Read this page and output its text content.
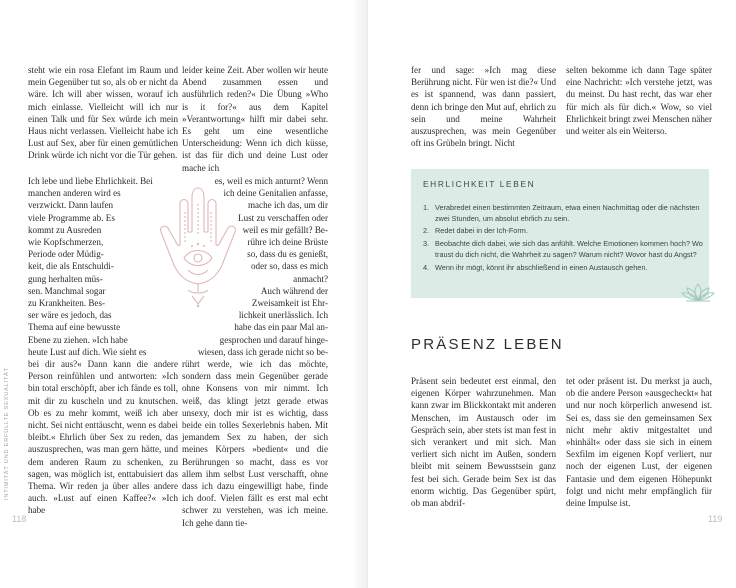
INTIMITÄT UND ERFÜLLTE SEXUALITÄT

steht wie ein rosa Elefant im Raum und mein Gegenüber tut so, als ob er nicht da wäre. Ich will aber wissen, worauf ich mich einlasse. Vielleicht will ich nur einen Talk und für Sex würde ich mein Haus nicht verlassen. Vielleicht habe ich Lust auf Sex, aber für einen gemütlichen Drink würde ich nicht vor die Tür gehen.

Ich lebe und liebe Ehrlichkeit. Bei
manchen anderen wird es
verzwickt. Dann laufen
viele Programme ab. Es
kommt zu Ausreden
wie Kopfschmerzen,
Periode oder Müdig-
keit, die als Entschuldi-
gung herhalten müs-
sen. Manchmal sogar
zu Krankheiten. Bes-
ser wäre es jedoch, das
Thema auf eine bewusste
Ebene zu ziehen. »Ich habe
heute Lust auf dich. Wie sieht es

bei dir aus?« Dann kann die andere Person reinfühlen und antworten: »Ich bin total erschöpft, aber ich fände es toll, mit dir zu kuscheln und zu knutschen. Ob es zu mehr kommt, weiß ich aber nicht. Sei nicht enttäuscht, wenn es dabei bleibt.« Ehrlich über Sex zu reden, das auszusprechen, was man gern hätte, und dem anderen Raum zu schenken, zu sagen, was möglich ist, enttabuisiert das Thema. Wir reden ja über alles andere auch. »Lust auf einen Kaffee?« »Ich habe

leider keine Zeit. Aber wollen wir heute Abend zusammen essen und ausführlich reden?« Die Übung »Who is it for?« aus dem Kapitel »Verantwortung« hilft mir dabei sehr. Es geht um eine wesentliche Unterscheidung: Wenn ich dich küsse, ist das für dich und deine Lust oder mache ich

es, weil es mich anturnt? Wenn
ich deine Genitalien anfasse,
mache ich das, um dir
Lust zu verschaffen oder
weil es mir gefällt? Be-
rühre ich deine Brüste
so, dass du es genießt,
oder so, dass es mich
anmacht?
Auch während der
Zweisamkeit ist Ehr-
lichkeit unerlässlich. Ich
habe das ein paar Mal an-
gesprochen und darauf hinge-
wiesen, dass ich gerade nicht so be-

rührt werde, wie ich das möchte, sondern dass mein Gegenüber gerade ohne Konsens von mir nimmt. Ich weiß, das klingt jetzt gerade etwas unsexy, doch mir ist es wichtig, dass beide ein tolles Sexerlebnis haben. Mit jemandem Sex zu haben, der sich meines Körpers »bedient« und die Berührungen so macht, dass es vor allem ihm selbst Lust verschafft, ohne dass ich dazu eingewilligt habe, finde ich doof. Vielen fällt es erst mal echt schwer zu verstehen, was ich meine. Ich gehe dann tie-

118

fer und sage: »Ich mag diese Berührung nicht. Für wen ist die?« Und es ist spannend, was dann passiert, denn ich bringe den Mut auf, ehrlich zu sein und meine Wahrheit auszusprechen, was mein Gegenüber oft ins Grübeln bringt. Nicht

selten bekomme ich dann Tage später eine Nachricht: »Ich verstehe jetzt, was du meinst. Du hast recht, das war eher für mich als für dich.« Wow, so viel Ehrlichkeit bringt zwei Menschen näher und weiter als ein Weiterso.

EHRLICHKEIT LEBEN
1. Verabredet einen bestimmten Zeitraum, etwa einen Nachmittag oder die nächsten zwei Stunden, um absolut ehrlich zu sein.
2. Redet dabei in der Ich-Form.
3. Beobachte dich dabei, wie sich das anfühlt. Welche Emotionen kommen hoch? Wo traust du dich nicht, die Wahrheit zu sagen? Warum nicht? Wovor hast du Angst?
4. Wenn ihr mögt, könnt ihr abschließend in einen Austausch gehen.
PRÄSENZ LEBEN

Präsent sein bedeutet erst einmal, den eigenen Körper wahrzunehmen. Man kann zwar im Blickkontakt mit anderen Menschen, im Austausch oder im Gespräch sein, aber stets ist man fest in sich verankert und mit sich. Man verliert sich nicht im Außen, sondern bleibt mit seinem Bewusstsein ganz fest bei sich. Gerade beim Sex ist das enorm wichtig. Das Gegenüber spürt, ob man abdrif-

tet oder präsent ist. Du merkst ja auch, ob die andere Person »ausgecheckt« hat und nur noch körperlich anwesend ist. Sei es, dass sie den gemeinsamen Sex nicht mehr aktiv mitgestaltet und »hinhält« oder dass sie sich in einem Sexfilm im eigenen Kopf verliert, nur noch der eigenen Lust, der eigenen Fantasie und dem eigenen Höhepunkt folgt und nicht mehr empfänglich für deine Impulse ist.

119
